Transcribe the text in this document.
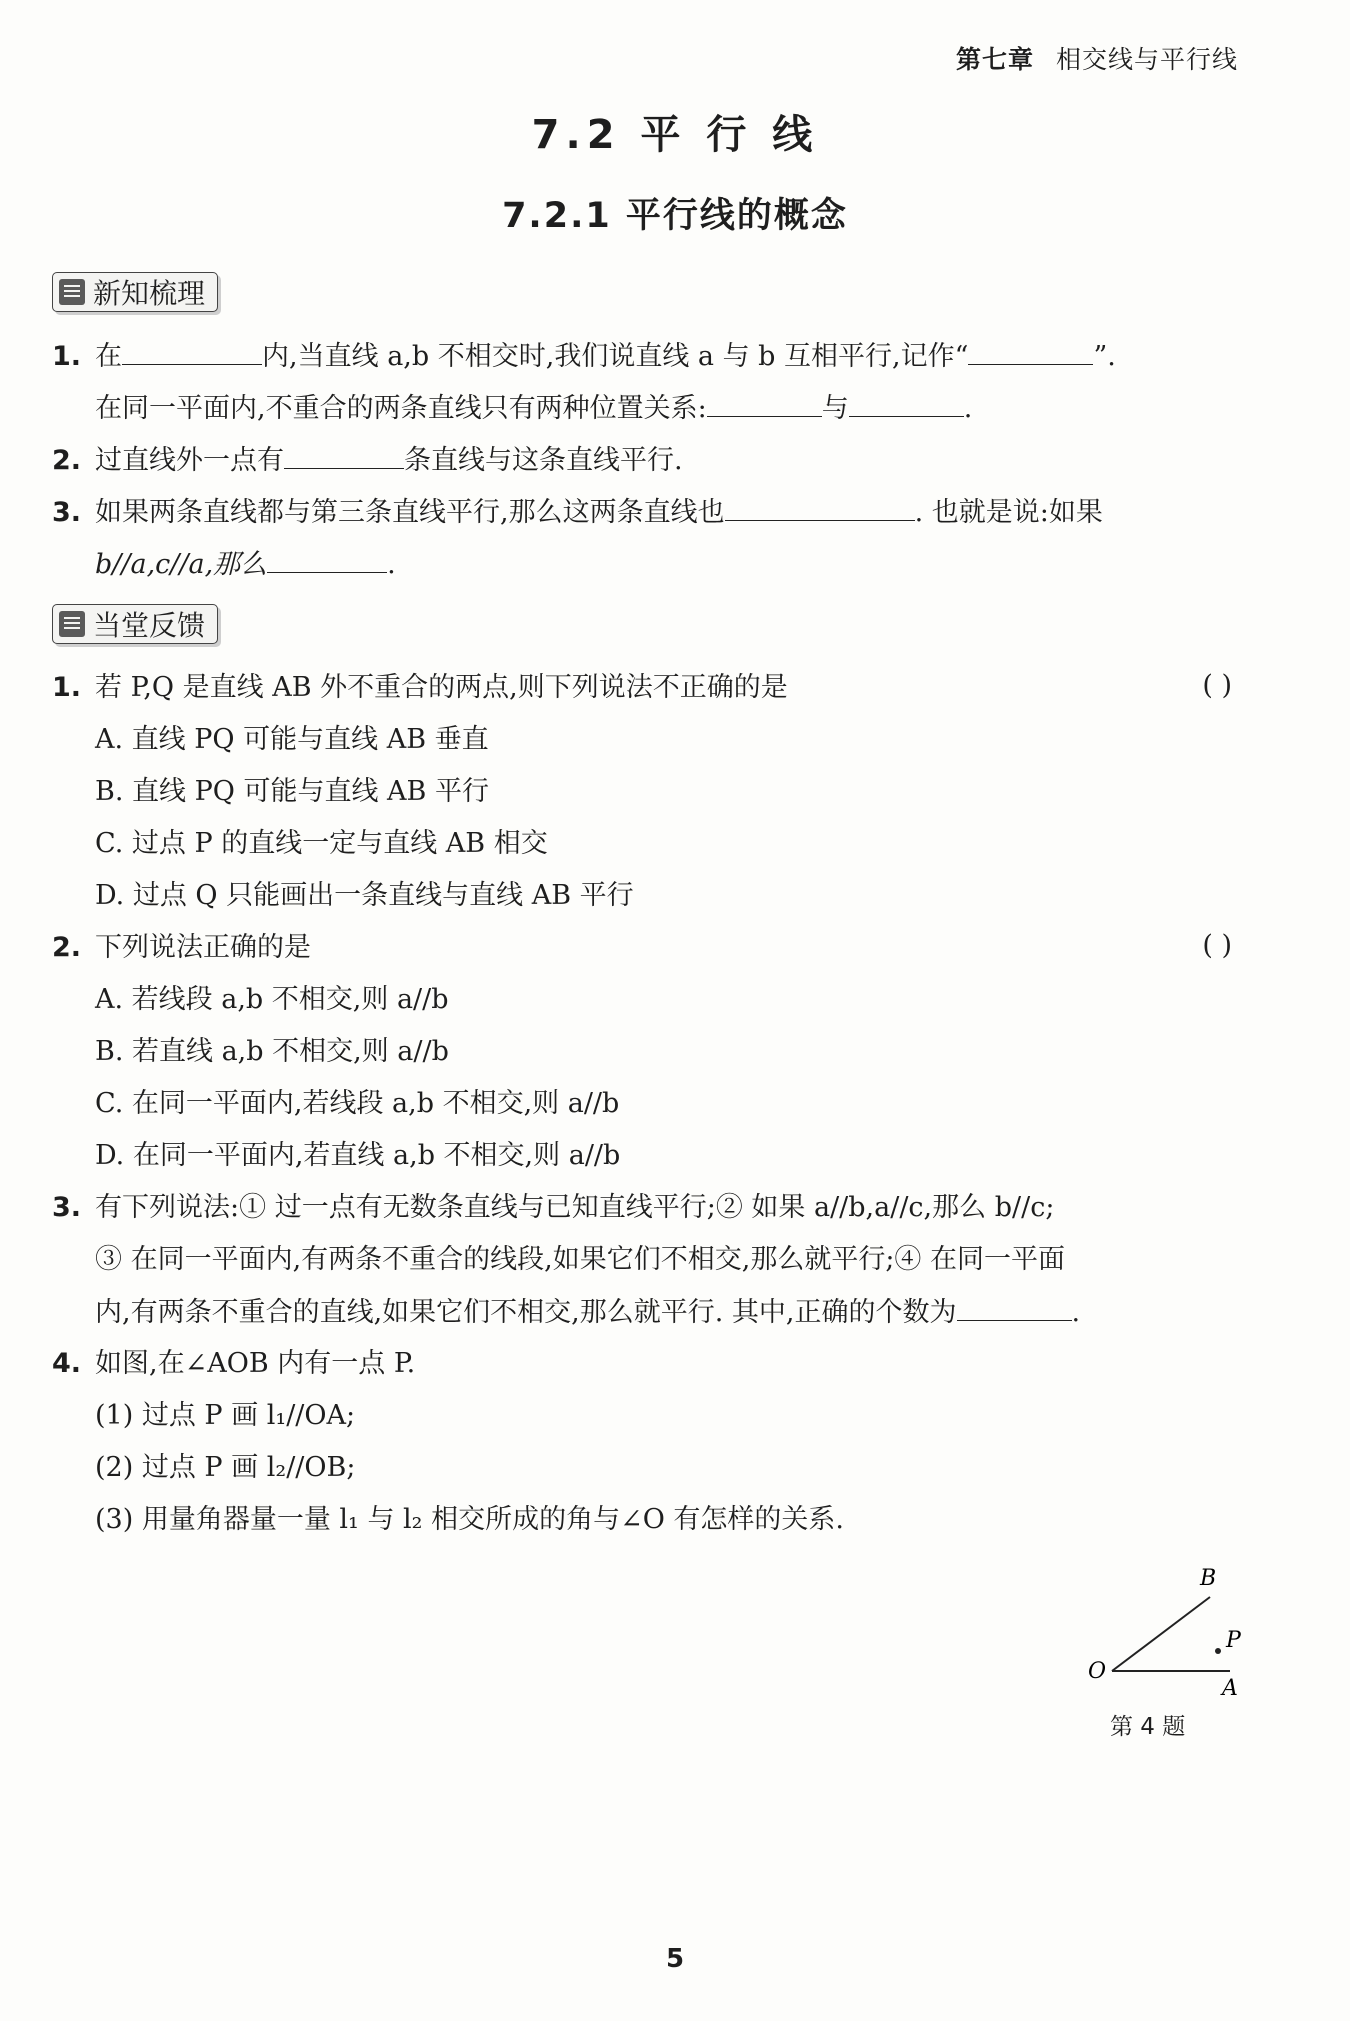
第七章 相交线与平行线
7.2 平 行 线
7.2.1 平行线的概念
新知梳理
1. 在	内,当直线 a,b 不相交时,我们说直线 a 与 b 互相平行,记作“	”.
在同一平面内,不重合的两条直线只有两种位置关系:	与	.
2. 过直线外一点有	条直线与这条直线平行.
3. 如果两条直线都与第三条直线平行,那么这两条直线也	. 也就是说:如果
b//a,c//a,那么	.
当堂反馈
1. 若 P,Q 是直线 AB 外不重合的两点,则下列说法不正确的是	( )
A. 直线 PQ 可能与直线 AB 垂直
B. 直线 PQ 可能与直线 AB 平行
C. 过点 P 的直线一定与直线 AB 相交
D. 过点 Q 只能画出一条直线与直线 AB 平行
2. 下列说法正确的是	( )
A. 若线段 a,b 不相交,则 a//b
B. 若直线 a,b 不相交,则 a//b
C. 在同一平面内,若线段 a,b 不相交,则 a//b
D. 在同一平面内,若直线 a,b 不相交,则 a//b
3. 有下列说法:① 过一点有无数条直线与已知直线平行;② 如果 a//b,a//c,那么 b//c;
③ 在同一平面内,有两条不重合的线段,如果它们不相交,那么就平行;④ 在同一平面
内,有两条不重合的直线,如果它们不相交,那么就平行. 其中,正确的个数为	.
4. 如图,在∠AOB 内有一点 P.
(1) 过点 P 画 l₁//OA;
(2) 过点 P 画 l₂//OB;
(3) 用量角器量一量 l₁ 与 l₂ 相交所成的角与∠O 有怎样的关系.
O
A
B
P
第 4 题
5
